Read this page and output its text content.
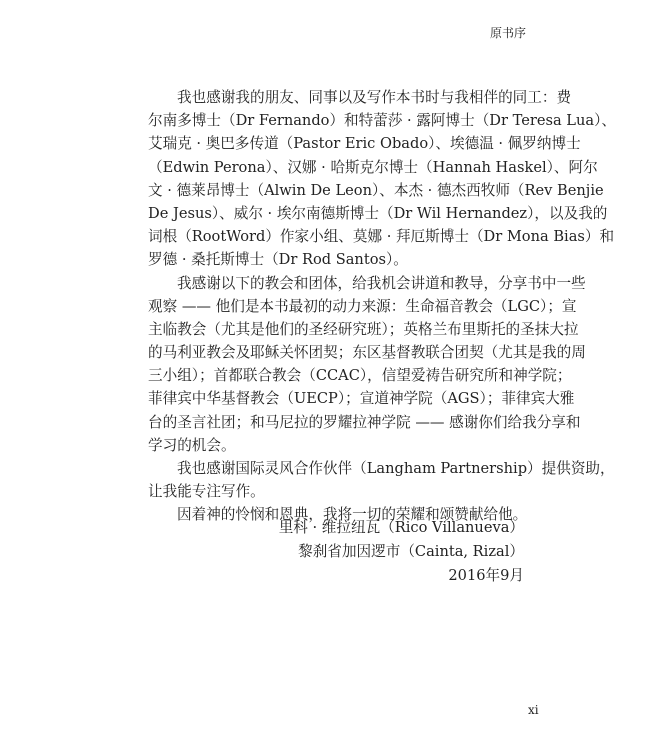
原书序
我也感谢我的朋友、同事以及写作本书时与我相伴的同工：费
尔南多博士（Dr Fernando）和特蕾莎 · 露阿博士（Dr Teresa Lua）、
艾瑞克 · 奥巴多传道（Pastor Eric Obado）、埃德温 · 佩罗纳博士
（Edwin Perona）、汉娜 · 哈斯克尔博士（Hannah Haskel）、阿尔
文 · 德莱昂博士（Alwin De Leon）、本杰 · 德杰西牧师（Rev Benjie
De Jesus）、威尔 · 埃尔南德斯博士（Dr Wil Hernandez），以及我的
词根（RootWord）作家小组、莫娜 · 拜厄斯博士（Dr Mona Bias）和
罗德 · 桑托斯博士（Dr Rod Santos）。
我感谢以下的教会和团体，给我机会讲道和教导，分享书中一些
观察 —— 他们是本书最初的动力来源：生命福音教会（LGC）；宣
主临教会（尤其是他们的圣经研究班）；英格兰布里斯托的圣抹大拉
的马利亚教会及耶稣关怀团契；东区基督教联合团契（尤其是我的周
三小组）；首都联合教会（CCAC），信望爱祷告研究所和神学院；
菲律宾中华基督教会（UECP）；宣道神学院（AGS）；菲律宾大雅
台的圣言社团；和马尼拉的罗耀拉神学院 —— 感谢你们给我分享和
学习的机会。
我也感谢国际灵风合作伙伴（Langham Partnership）提供资助，
让我能专注写作。
因着神的怜悯和恩典，我将一切的荣耀和颂赞献给他。
里科 · 维拉纽瓦（Rico Villanueva）
黎刹省加因逻市（Cainta, Rizal）
2016年9月
xi
